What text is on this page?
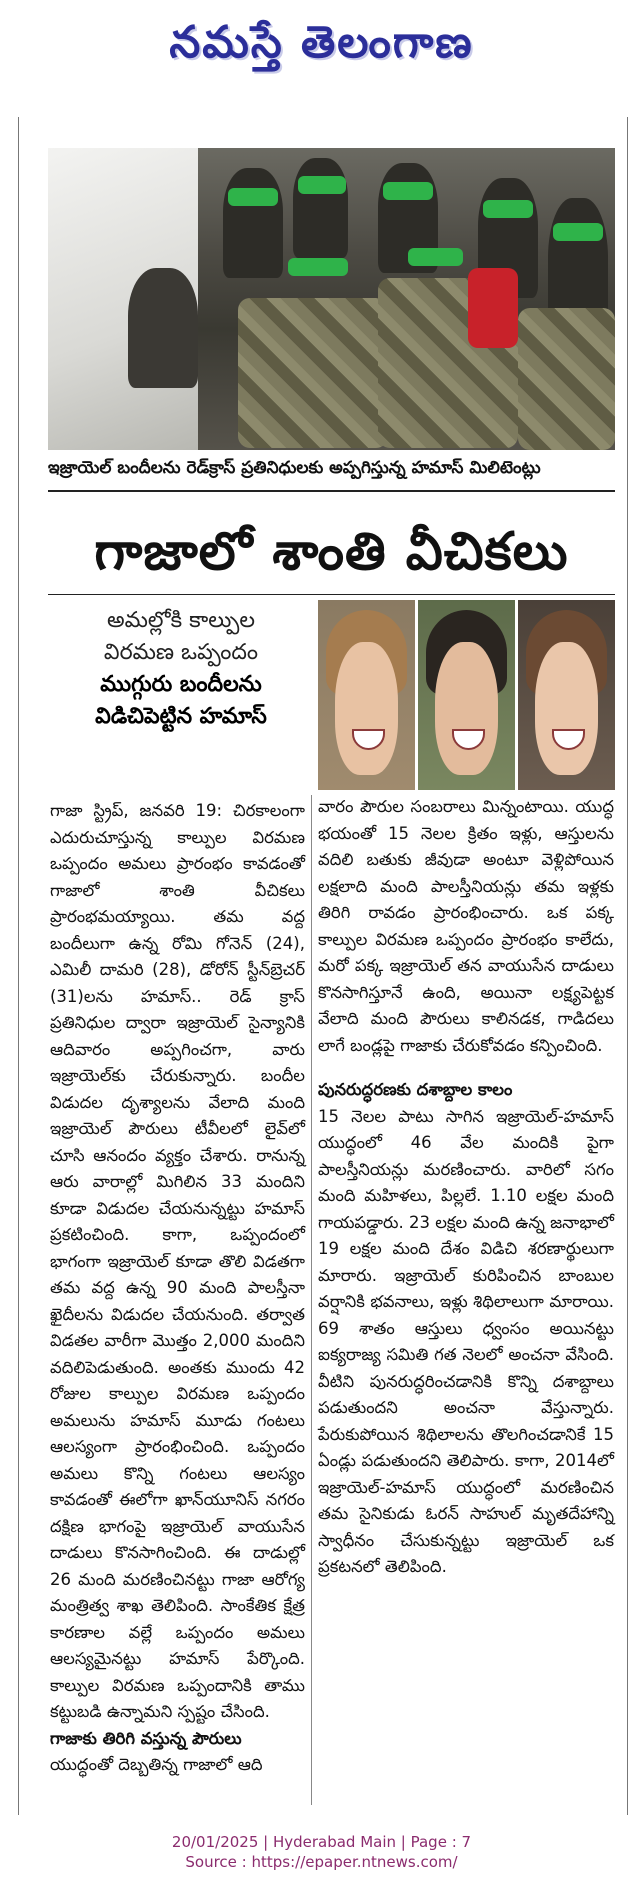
నమస్తే తెలంగాణ
ఇజ్రాయెల్ బందీలను రెడ్‌క్రాస్ ప్రతినిధులకు అప్పగిస్తున్న హమాస్ మిలిటెంట్లు
గాజాలో శాంతి వీచికలు
అమల్లోకి కాల్పుల
విరమణ ఒప్పందం
ముగ్గురు బందీలను
విడిచిపెట్టిన హమాస్

గాజా స్ట్రిప్, జనవరి 19: చిరకాలంగా ఎదురుచూస్తున్న కాల్పుల విరమణ ఒప్పందం అమలు ప్రారంభం కావడంతో గాజాలో శాంతి వీచికలు ప్రారంభమయ్యాయి. తమ వద్ద బందీలుగా ఉన్న రోమి గోనెన్ (24), ఎమిలీ దామరి (28), డోరోన్ స్టీన్‌బ్రెచర్ (31)లను హమాస్.. రెడ్ క్రాస్ ప్రతినిధుల ద్వారా ఇజ్రాయెల్ సైన్యానికి ఆదివారం అప్పగించగా, వారు ఇజ్రాయెల్‌కు చేరుకున్నారు. బందీల విడుదల దృశ్యాలను వేలాది మంది ఇజ్రాయెల్ పౌరులు టీవీలలో లైవ్‌లో చూసి ఆనందం వ్యక్తం చేశారు. రానున్న ఆరు వారాల్లో మిగిలిన 33 మందిని కూడా విడుదల చేయనున్నట్టు హమాస్ ప్రకటించింది. కాగా, ఒప్పందంలో భాగంగా ఇజ్రాయెల్ కూడా తొలి విడతగా తమ వద్ద ఉన్న 90 మంది పాలస్తీనా ఖైదీలను విడుదల చేయనుంది. తర్వాత విడతల వారీగా మొత్తం 2,000 మందిని వదిలిపెడుతుంది. అంతకు ముందు 42 రోజుల కాల్పుల విరమణ ఒప్పందం అమలును హమాస్ మూడు గంటలు ఆలస్యంగా ప్రారంభించింది. ఒప్పందం అమలు కొన్ని గంటలు ఆలస్యం కావడంతో ఈలోగా ఖాన్‌యూనిస్ నగరం దక్షిణ భాగంపై ఇజ్రాయెల్ వాయుసేన దాడులు కొనసాగించింది. ఈ దాడుల్లో 26 మంది మరణించినట్టు గాజా ఆరోగ్య మంత్రిత్వ శాఖ తెలిపింది. సాంకేతిక క్షేత్ర కారణాల వల్లే ఒప్పందం అమలు ఆలస్యమైనట్టు హమాస్ పేర్కొంది. కాల్పుల విరమణ ఒప్పందానికి తాము కట్టుబడి ఉన్నామని స్పష్టం చేసింది.

గాజాకు తిరిగి వస్తున్న పౌరులు

యుద్ధంతో దెబ్బతిన్న గాజాలో ఆది

వారం పౌరుల సంబరాలు మిన్నంటాయి. యుద్ధ భయంతో 15 నెలల క్రితం ఇళ్లు, ఆస్తులను వదిలి బతుకు జీవుడా అంటూ వెళ్లిపోయిన లక్షలాది మంది పాలస్తీనియన్లు తమ ఇళ్లకు తిరిగి రావడం ప్రారంభించారు. ఒక పక్క కాల్పుల విరమణ ఒప్పందం ప్రారంభం కాలేదు, మరో పక్క ఇజ్రాయెల్ తన వాయుసేన దాడులు కొనసాగిస్తూనే ఉంది, అయినా లక్ష్యపెట్టక వేలాది మంది పౌరులు కాలినడక, గాడిదలు లాగే బండ్లపై గాజాకు చేరుకోవడం కన్పించింది.

పునరుద్ధరణకు దశాబ్దాల కాలం

15 నెలల పాటు సాగిన ఇజ్రాయెల్-హమాస్ యుద్ధంలో 46 వేల మందికి పైగా పాలస్తీనియన్లు మరణించారు. వారిలో సగం మంది మహిళలు, పిల్లలే. 1.10 లక్షల మంది గాయపడ్డారు. 23 లక్షల మంది ఉన్న జనాభాలో 19 లక్షల మంది దేశం విడిచి శరణార్థులుగా మారారు. ఇజ్రాయెల్ కురిపించిన బాంబుల వర్షానికి భవనాలు, ఇళ్లు శిథిలాలుగా మారాయి. 69 శాతం ఆస్తులు ధ్వంసం అయినట్టు ఐక్యరాజ్య సమితి గత నెలలో అంచనా వేసింది. వీటిని పునరుద్ధరించడానికి కొన్ని దశాబ్దాలు పడుతుందని అంచనా వేస్తున్నారు. పేరుకుపోయిన శిథిలాలను తొలగించడానికే 15 ఏండ్లు పడుతుందని తెలిపారు. కాగా, 2014లో ఇజ్రాయెల్-హమాస్ యుద్ధంలో మరణించిన తమ సైనికుడు ఓరన్ సాహుల్ మృతదేహాన్ని స్వాధీనం చేసుకున్నట్టు ఇజ్రాయెల్ ఒక ప్రకటనలో తెలిపింది.

20/01/2025 | Hyderabad Main | Page : 7
Source : https://epaper.ntnews.com/
